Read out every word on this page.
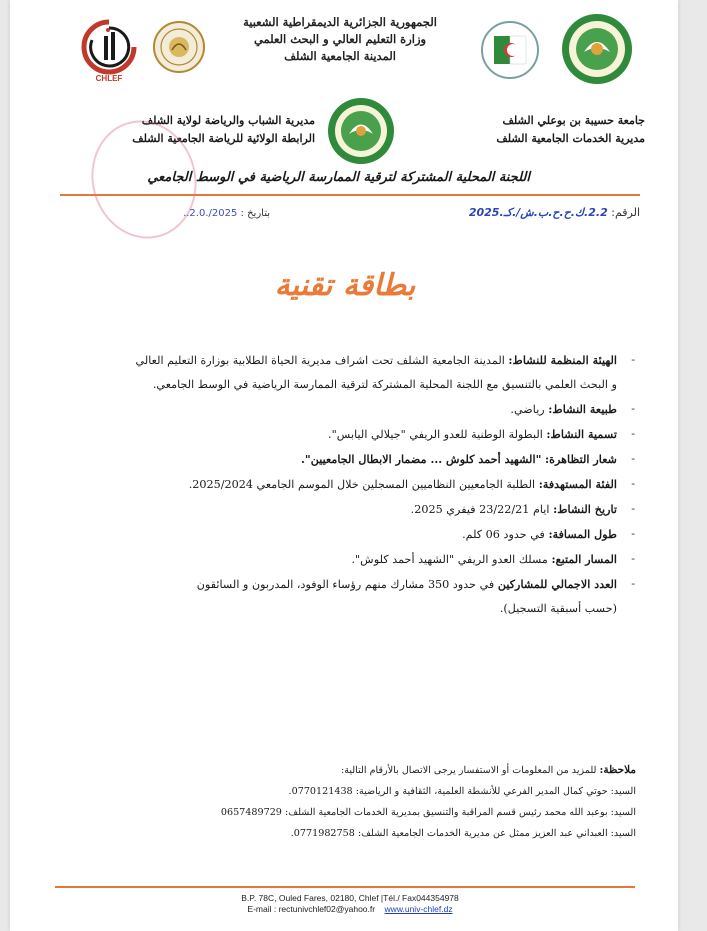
CHLEF
الجمهورية الجزائرية الديمقراطية الشعبية
وزارة التعليم العالي و البحث العلمي
المدينة الجامعية الشلف
مديرية الشباب والرياضة لولاية الشلف
الرابطة الولائية للرياضة الجامعية الشلف
جامعة حسيبة بن بوعلي الشلف
مديرية الخدمات الجامعية الشلف
اللجنة المحلية المشتركة لترقية الممارسة الرياضية في الوسط الجامعي
الرقم: 2.2.ك.ح.ح.ب.ش/.كـ.2025
بتاريخ : 2025/.2.0..
بطاقة تقنية
- الهيئة المنظمة للنشاط: المدينة الجامعية الشلف تحت اشراف مديرية الحياة الطلابية بوزارة التعليم العالي
و البحث العلمي بالتنسيق مع اللجنة المحلية المشتركة لترقية الممارسة الرياضية في الوسط الجامعي.
- طبيعة النشاط: رياضي.
- تسمية النشاط: البطولة الوطنية للعدو الريفي "جيلالي اليابس".
- شعار التظاهرة: "الشهيد أحمد كلوش ... مضمار الابطال الجامعيين".
- الفئة المستهدفة: الطلبة الجامعيين النظاميين المسجلين خلال الموسم الجامعي 2025/2024.
- تاريخ النشاط: ايام 23/22/21 فيفري 2025.
- طول المسافة: في حدود 06 كلم.
- المسار المتبع: مسلك العدو الريفي "الشهيد أحمد كلوش".
- العدد الاجمالي للمشاركين في حدود 350 مشارك منهم رؤساء الوفود، المدربون و السائقون
(حسب أسبقية التسجيل).
ملاحظة: للمزيد من المعلومات أو الاستفسار يرجى الاتصال بالأرقام التالية:
السيد: حوتي كمال المدير الفرعي للأنشطة العلمية، الثقافية و الرياضية: 0770121438.
السيد: بوعبد الله محمد رئيس قسم المراقبة والتنسيق بمديرية الخدمات الجامعية الشلف: 0657489729
السيد: العبداني عبد العزيز ممثل عن مديرية الخدمات الجامعية الشلف: 0771982758.
B.P. 78C, Ouled Fares, 02180, Chlef |Tél./ Fax044354978
E-mail : rectunivchlef02@yahoo.fr www.univ-chlef.dz
